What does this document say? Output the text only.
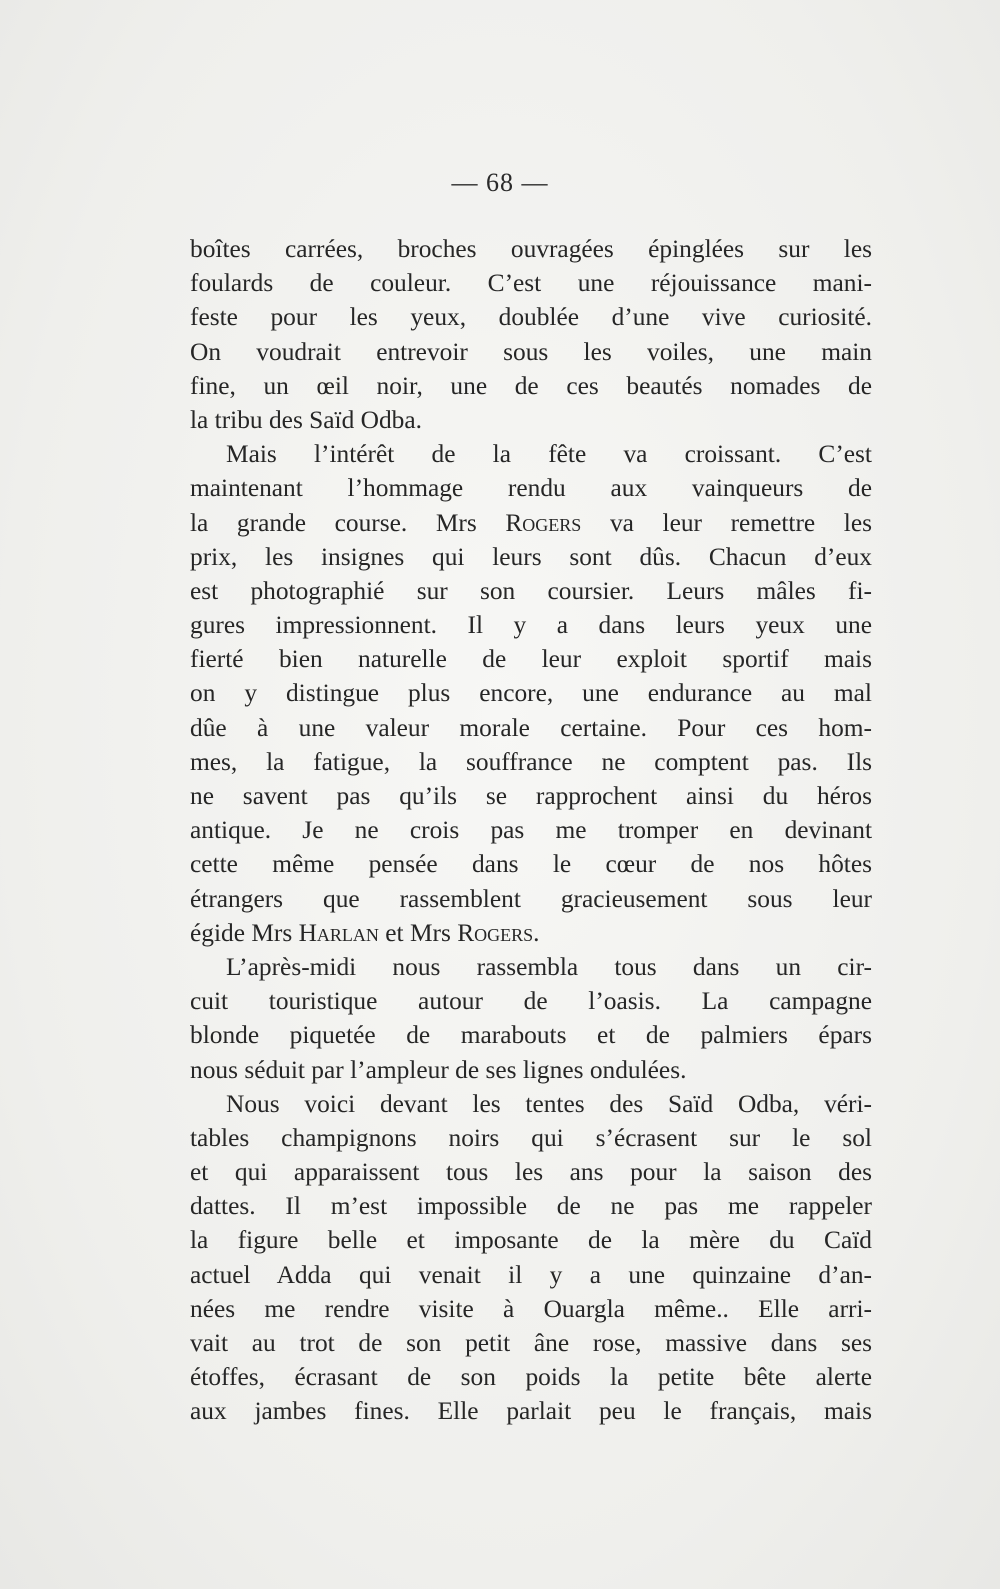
— 68 —
boîtes carrées, broches ouvragées épinglées sur les
foulards de couleur. C’est une réjouissance mani-
feste pour les yeux, doublée d’une vive curiosité.
On voudrait entrevoir sous les voiles, une main
fine, un œil noir, une de ces beautés nomades de
la tribu des Saïd Odba.
Mais l’intérêt de la fête va croissant. C’est
maintenant l’hommage rendu aux vainqueurs de
la grande course. Mrs Rogers va leur remettre les
prix, les insignes qui leurs sont dûs. Chacun d’eux
est photographié sur son coursier. Leurs mâles fi-
gures impressionnent. Il y a dans leurs yeux une
fierté bien naturelle de leur exploit sportif mais
on y distingue plus encore, une endurance au mal
dûe à une valeur morale certaine. Pour ces hom-
mes, la fatigue, la souffrance ne comptent pas. Ils
ne savent pas qu’ils se rapprochent ainsi du héros
antique. Je ne crois pas me tromper en devinant
cette même pensée dans le cœur de nos hôtes
étrangers que rassemblent gracieusement sous leur
égide Mrs Harlan et Mrs Rogers.
L’après-midi nous rassembla tous dans un cir-
cuit touristique autour de l’oasis. La campagne
blonde piquetée de marabouts et de palmiers épars
nous séduit par l’ampleur de ses lignes ondulées.
Nous voici devant les tentes des Saïd Odba, véri-
tables champignons noirs qui s’écrasent sur le sol
et qui apparaissent tous les ans pour la saison des
dattes. Il m’est impossible de ne pas me rappeler
la figure belle et imposante de la mère du Caïd
actuel Adda qui venait il y a une quinzaine d’an-
nées me rendre visite à Ouargla même.. Elle arri-
vait au trot de son petit âne rose, massive dans ses
étoffes, écrasant de son poids la petite bête alerte
aux jambes fines. Elle parlait peu le français, mais
